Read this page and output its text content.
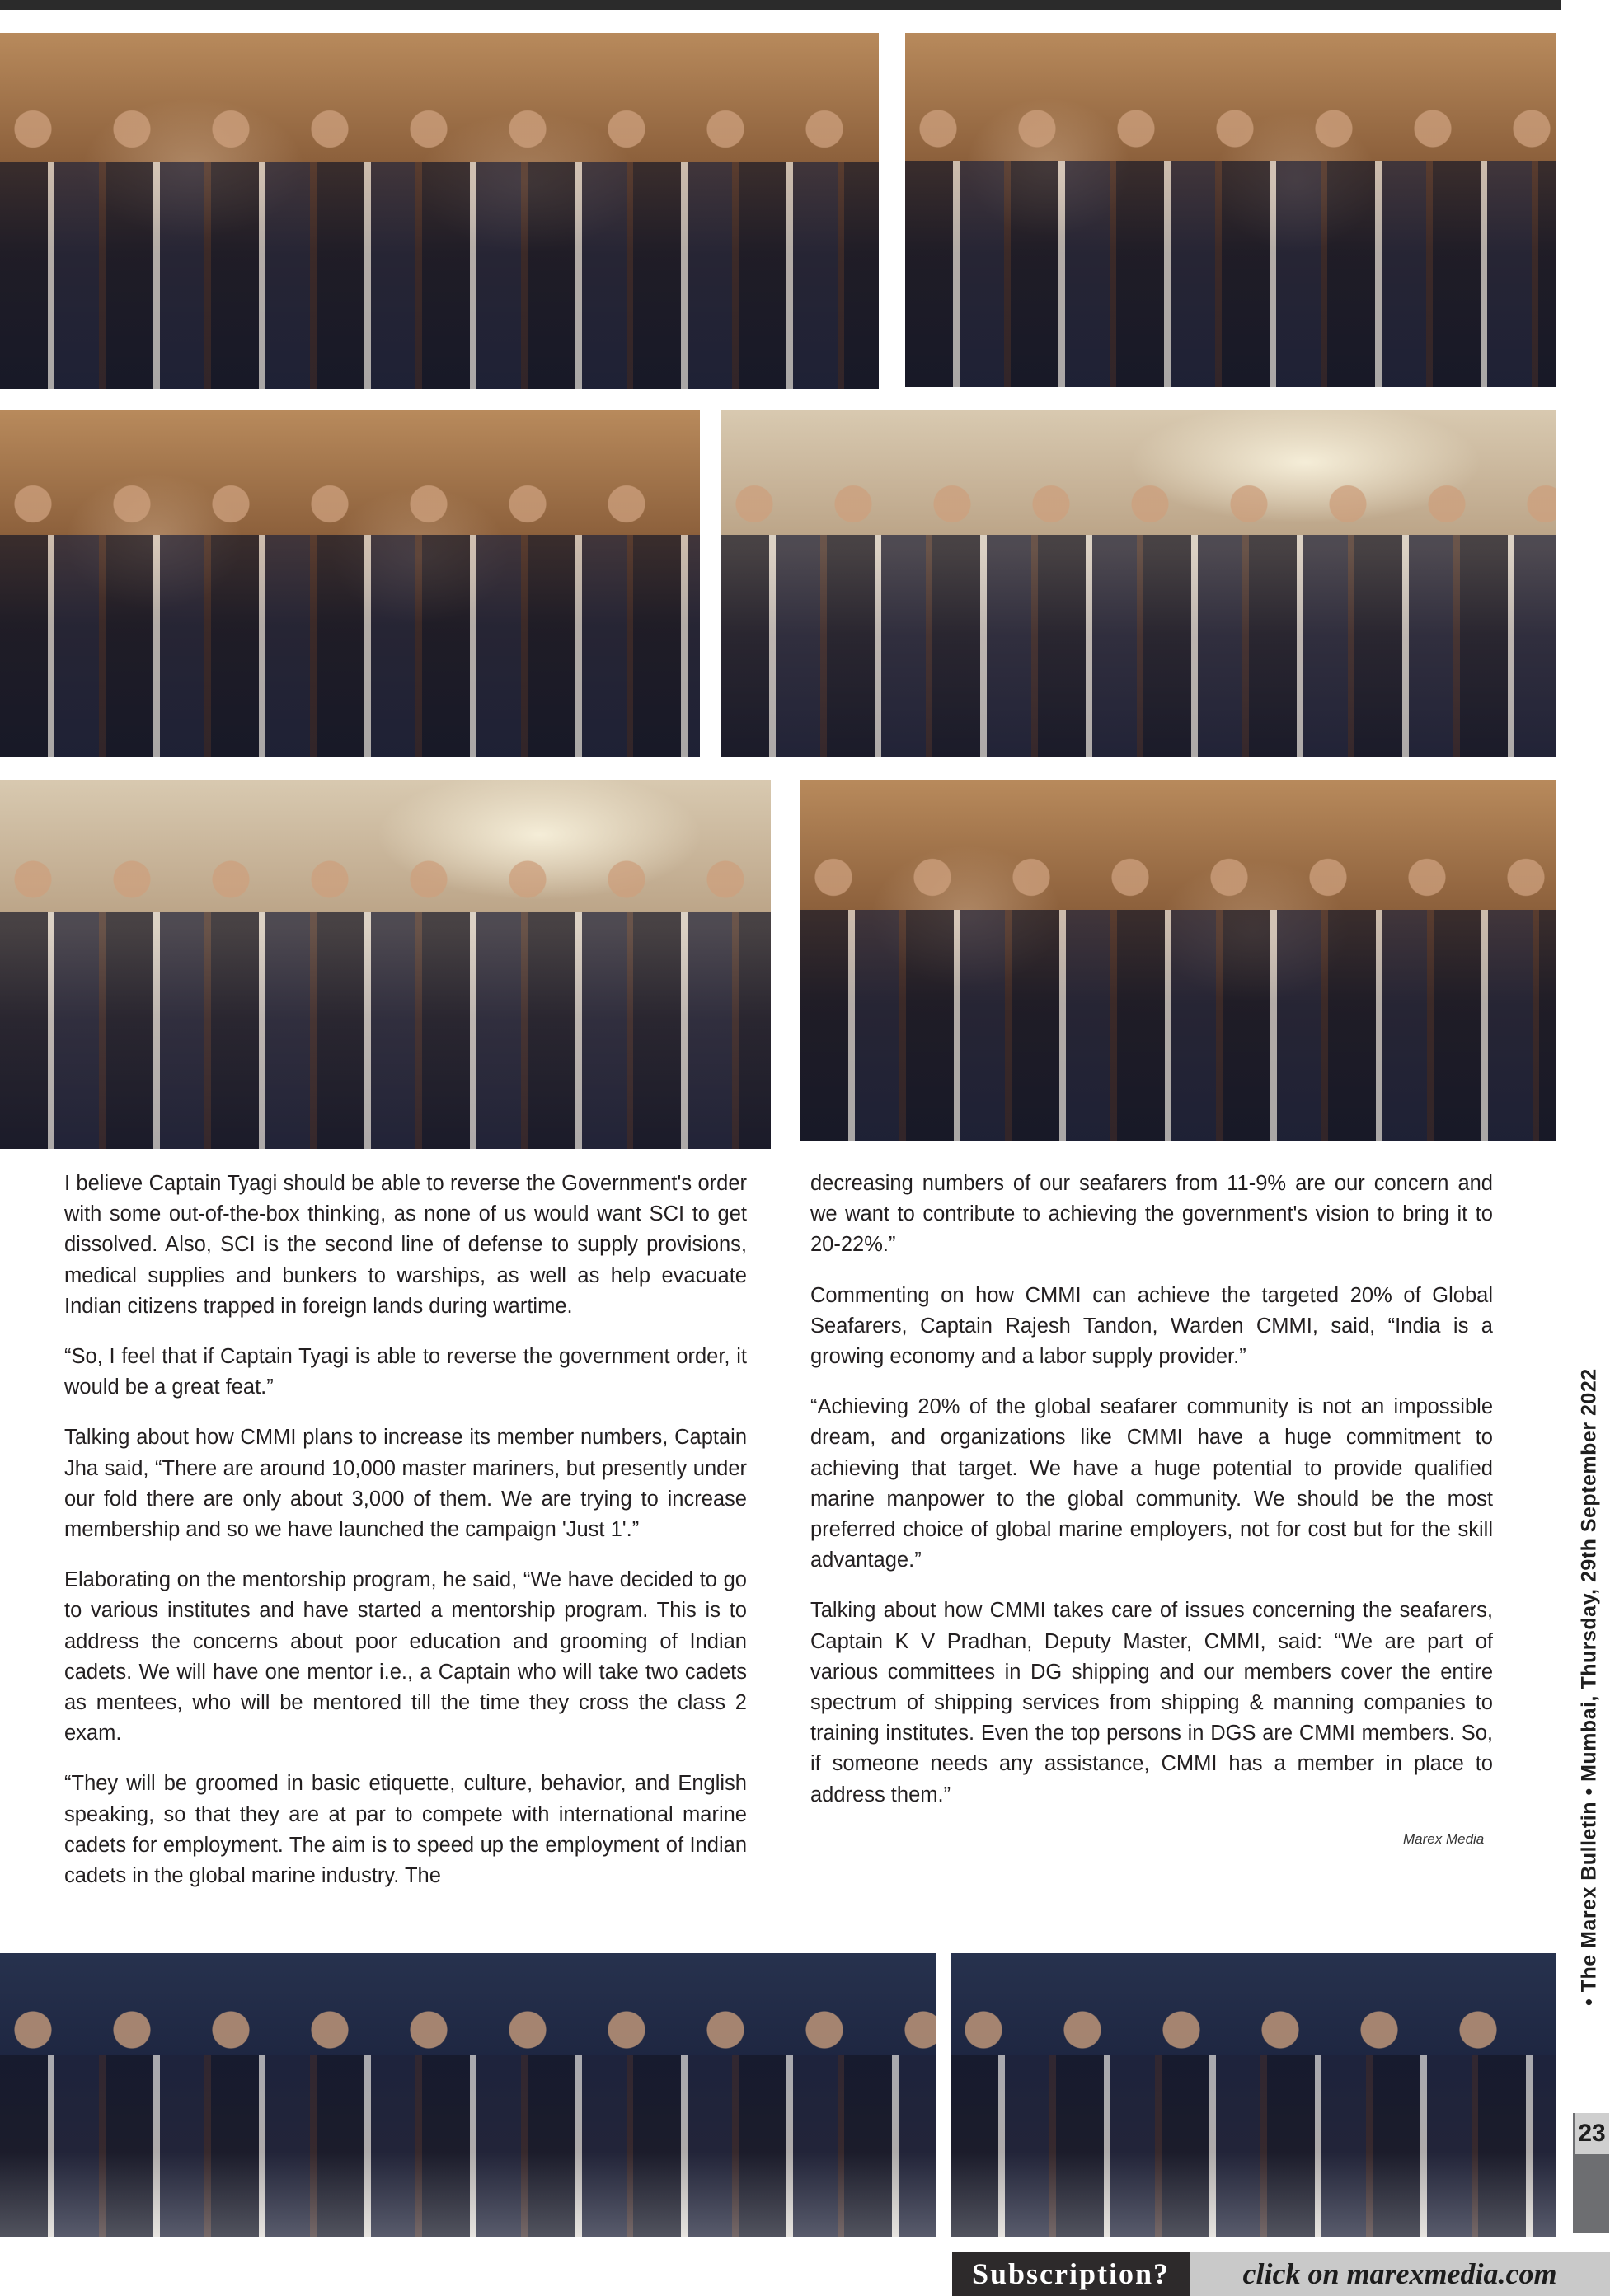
I believe Captain Tyagi should be able to reverse the Government's order with some out-of-the-box thinking, as none of us would want SCI to get dissolved. Also, SCI is the second line of defense to supply provisions, medical supplies and bunkers to warships, as well as help evacuate Indian citizens trapped in foreign lands during wartime.

“So, I feel that if Captain Tyagi is able to reverse the government order, it would be a great feat.”

Talking about how CMMI plans to increase its member numbers, Captain Jha said, “There are around 10,000 master mariners, but presently under our fold there are only about 3,000 of them. We are trying to increase membership and so we have launched the campaign 'Just 1'.”

Elaborating on the mentorship program, he said, “We have decided to go to various institutes and have started a mentorship program. This is to address the concerns about poor education and grooming of Indian cadets. We will have one mentor i.e., a Captain who will take two cadets as mentees, who will be mentored till the time they cross the class 2 exam.

“They will be groomed in basic etiquette, culture, behavior, and English speaking, so that they are at par to compete with international marine cadets for employment. The aim is to speed up the employment of Indian cadets in the global marine industry. The

decreasing numbers of our seafarers from 11-9% are our concern and we want to contribute to achieving the government's vision to bring it to 20-22%.”

Commenting on how CMMI can achieve the targeted 20% of Global Seafarers, Captain Rajesh Tandon, Warden CMMI, said, “India is a growing economy and a labor supply provider.”

“Achieving 20% of the global seafarer community is not an impossible dream, and organizations like CMMI have a huge commitment to achieving that target. We have a huge potential to provide qualified marine manpower to the global community. We should be the most preferred choice of global marine employers, not for cost but for the skill advantage.”

Talking about how CMMI takes care of issues concerning the seafarers, Captain K V Pradhan, Deputy Master, CMMI, said: “We are part of various committees in DG shipping and our members cover the entire spectrum of shipping services from shipping & manning companies to training institutes. Even the top persons in DGS are CMMI members. So, if someone needs any assistance, CMMI has a member in place to address them.”

Marex Media	• The Marex Bulletin • Mumbai, Thursday, 29th September 2022
23
Subscription?	click on marexmedia.com
